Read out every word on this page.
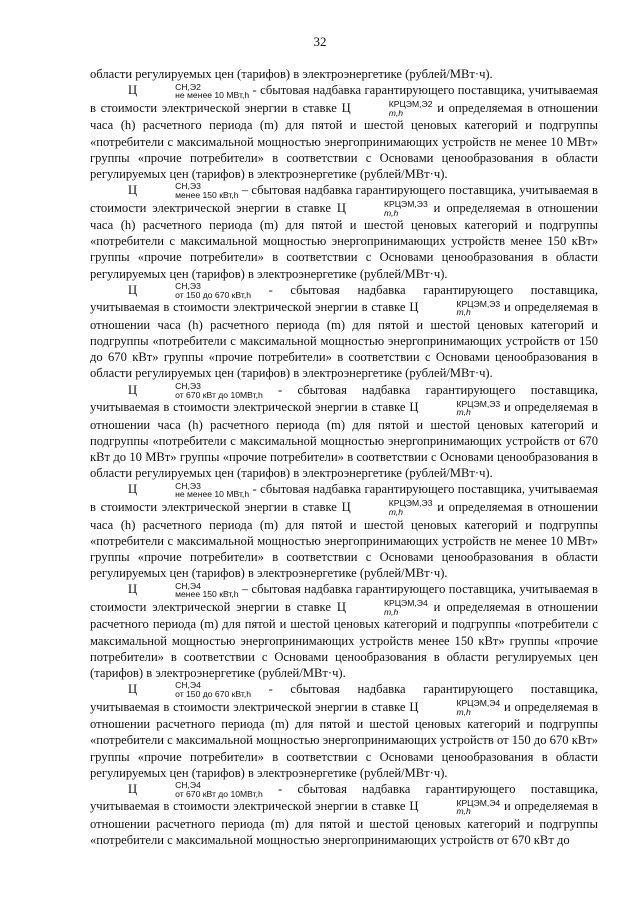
32

области регулируемых цен (тарифов) в электроэнергетике (рублей/МВт·ч).

Ц	СН,Э2
не менее 10 МВт,h - сбытовая надбавка гарантирующего поставщика, учитываемая в стоимости электрической энергии в ставке Ц	КРЦЭМ,Э2
m,h	и определяемая в отношении часа (h) расчетного периода (m) для пятой и шестой ценовых категорий и подгруппы «потребители с максимальной мощностью энергопринимающих устройств не менее 10 МВт» группы «прочие потребители» в соответствии с Основами ценообразования в области регулируемых цен (тарифов) в электроэнергетике (рублей/МВт·ч).

Ц	СН,Э3
менее 150 кВт,h – сбытовая надбавка гарантирующего поставщика, учитываемая в стоимости электрической энергии в ставке Ц	КРЦЭМ,Э3
m,h	и определяемая в отношении часа (h) расчетного периода (m) для пятой и шестой ценовых категорий и подгруппы «потребители с максимальной мощностью энергопринимающих устройств менее 150 кВт» группы «прочие потребители» в соответствии с Основами ценообразования в области регулируемых цен (тарифов) в электроэнергетике (рублей/МВт·ч).

Ц	СН,Э3
от 150 до 670 кВт,h - сбытовая надбавка гарантирующего поставщика, учитываемая в стоимости электрической энергии в ставке Ц	КРЦЭМ,Э3
m,h	и определяемая в отношении часа (h) расчетного периода (m) для пятой и шестой ценовых категорий и подгруппы «потребители с максимальной мощностью энергопринимающих устройств от 150 до 670 кВт» группы «прочие потребители» в соответствии с Основами ценообразования в области регулируемых цен (тарифов) в электроэнергетике (рублей/МВт·ч).

Ц	СН,Э3
от 670 кВт до 10МВт,h - сбытовая надбавка гарантирующего поставщика, учитываемая в стоимости электрической энергии в ставке Ц	КРЦЭМ,Э3
m,h	и определяемая в отношении часа (h) расчетного периода (m) для пятой и шестой ценовых категорий и подгруппы «потребители с максимальной мощностью энергопринимающих устройств от 670 кВт до 10 МВт» группы «прочие потребители» в соответствии с Основами ценообразования в области регулируемых цен (тарифов) в электроэнергетике (рублей/МВт·ч).

Ц	СН,Э3
не менее 10 МВт,h - сбытовая надбавка гарантирующего поставщика, учитываемая в стоимости электрической энергии в ставке Ц	КРЦЭМ,Э3
m,h	и определяемая в отношении часа (h) расчетного периода (m) для пятой и шестой ценовых категорий и подгруппы «потребители с максимальной мощностью энергопринимающих устройств не менее 10 МВт» группы «прочие потребители» в соответствии с Основами ценообразования в области регулируемых цен (тарифов) в электроэнергетике (рублей/МВт·ч).

Ц	СН,Э4
менее 150 кВт,h – сбытовая надбавка гарантирующего поставщика, учитываемая в стоимости электрической энергии в ставке Ц	КРЦЭМ,Э4
m,h	и определяемая в отношении расчетного периода (m) для пятой и шестой ценовых категорий и подгруппы «потребители с максимальной мощностью энергопринимающих устройств менее 150 кВт» группы «прочие потребители» в соответствии с Основами ценообразования в области регулируемых цен (тарифов) в электроэнергетике (рублей/МВт·ч).

Ц	СН,Э4
от 150 до 670 кВт,h - сбытовая надбавка гарантирующего поставщика, учитываемая в стоимости электрической энергии в ставке Ц	КРЦЭМ,Э4
m,h	и определяемая в отношении расчетного периода (m) для пятой и шестой ценовых категорий и подгруппы «потребители с максимальной мощностью энергопринимающих устройств от 150 до 670 кВт» группы «прочие потребители» в соответствии с Основами ценообразования в области регулируемых цен (тарифов) в электроэнергетике (рублей/МВт·ч).

Ц	СН,Э4
от 670 кВт до 10МВт,h - сбытовая надбавка гарантирующего поставщика, учитываемая в стоимости электрической энергии в ставке Ц	КРЦЭМ,Э4
m,h	и определяемая в отношении расчетного периода (m) для пятой и шестой ценовых категорий и подгруппы «потребители с максимальной мощностью энергопринимающих устройств от 670 кВт до
